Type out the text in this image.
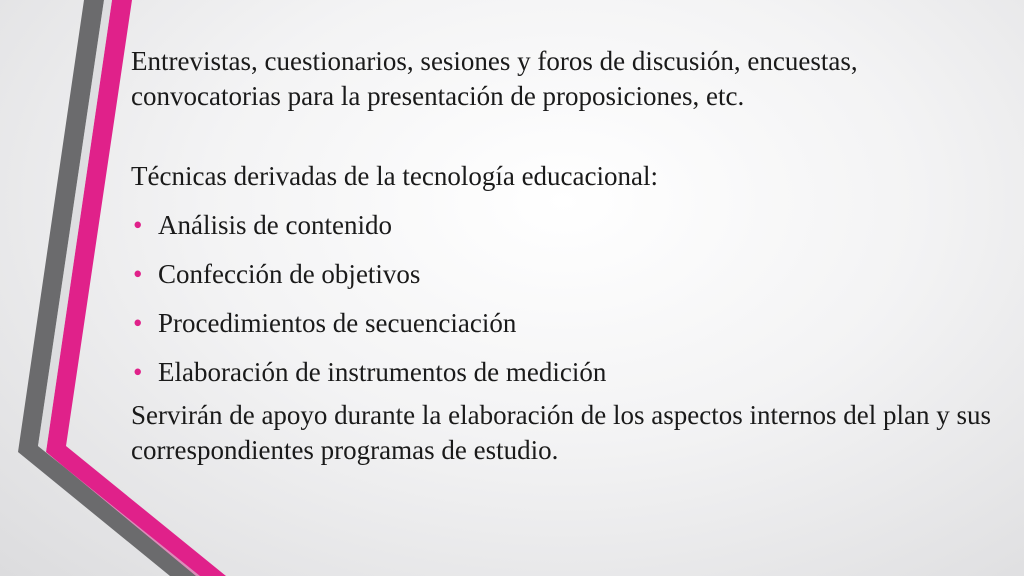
Entrevistas, cuestionarios, sesiones y foros de discusión, encuestas, convocatorias para la presentación de proposiciones, etc.

Técnicas derivadas de la tecnología educacional:

• Análisis de contenido
• Confección de objetivos
• Procedimientos de secuenciación
• Elaboración de instrumentos de medición

Servirán de apoyo durante la elaboración de los aspectos internos del plan y sus correspondientes programas de estudio.
